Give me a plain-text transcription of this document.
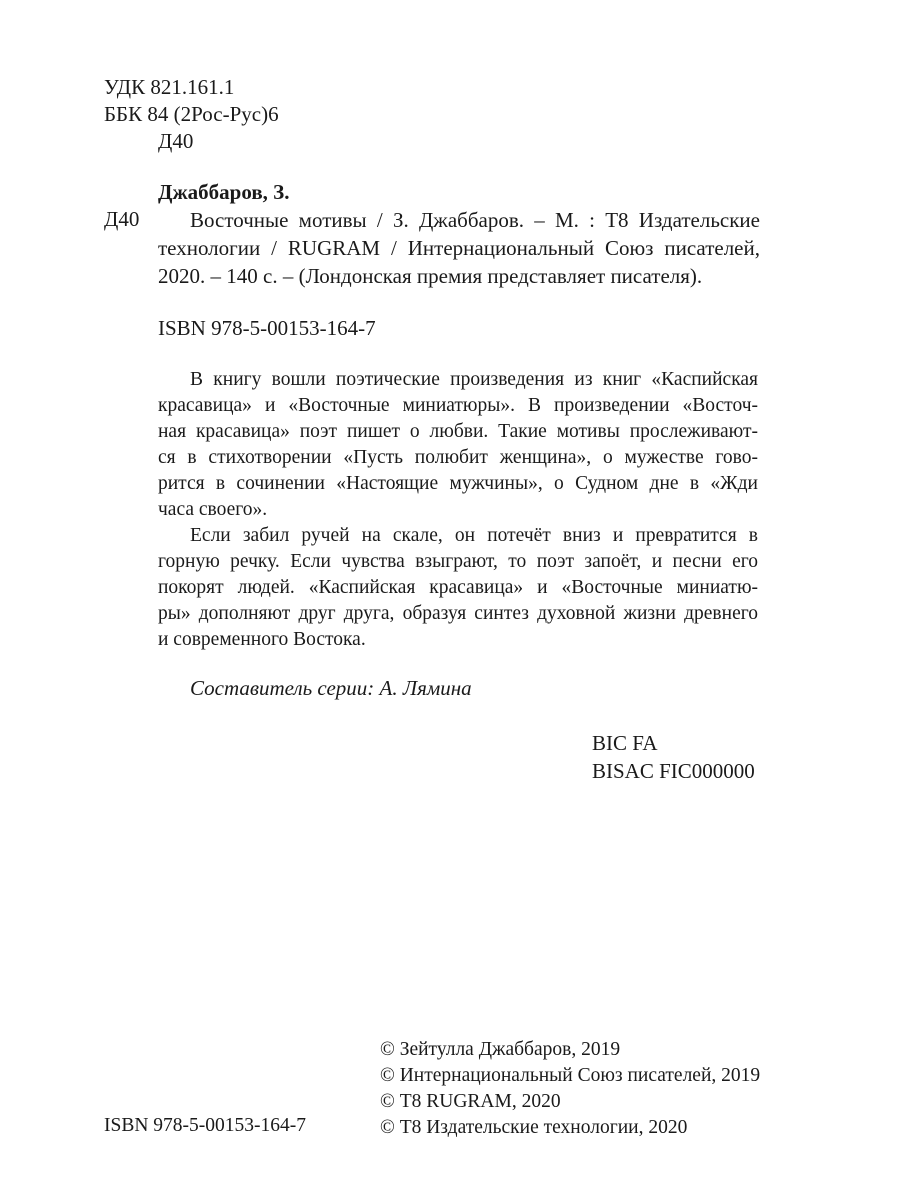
УДК 821.161.1
ББК 84 (2Рос-Рус)6
Д40
Джаббаров, З.
Д40 Восточные мотивы / З. Джаббаров. – М. : Т8 Издательские
технологии / RUGRAM / Интернациональный Союз писателей,
2020. – 140 с. – (Лондонская премия представляет писателя).
ISBN 978-5-00153-164-7
В книгу вошли поэтические произведения из книг «Каспийская
красавица» и «Восточные миниатюры». В произведении «Восточ-
ная красавица» поэт пишет о любви. Такие мотивы прослеживают-
ся в стихотворении «Пусть полюбит женщина», о мужестве гово-
рится в сочинении «Настоящие мужчины», о Судном дне в «Жди
часа своего».
Если забил ручей на скале, он потечёт вниз и превратится в
горную речку. Если чувства взыграют, то поэт запоёт, и песни его
покорят людей. «Каспийская красавица» и «Восточные миниатю-
ры» дополняют друг друга, образуя синтез духовной жизни древнего
и современного Востока.
Составитель серии: А. Лямина
BIC FA
BISAC FIC000000
© Зейтулла Джаббаров, 2019
© Интернациональный Союз писателей, 2019
© Т8 RUGRAM, 2020
© Т8 Издательские технологии, 2020
ISBN 978-5-00153-164-7
